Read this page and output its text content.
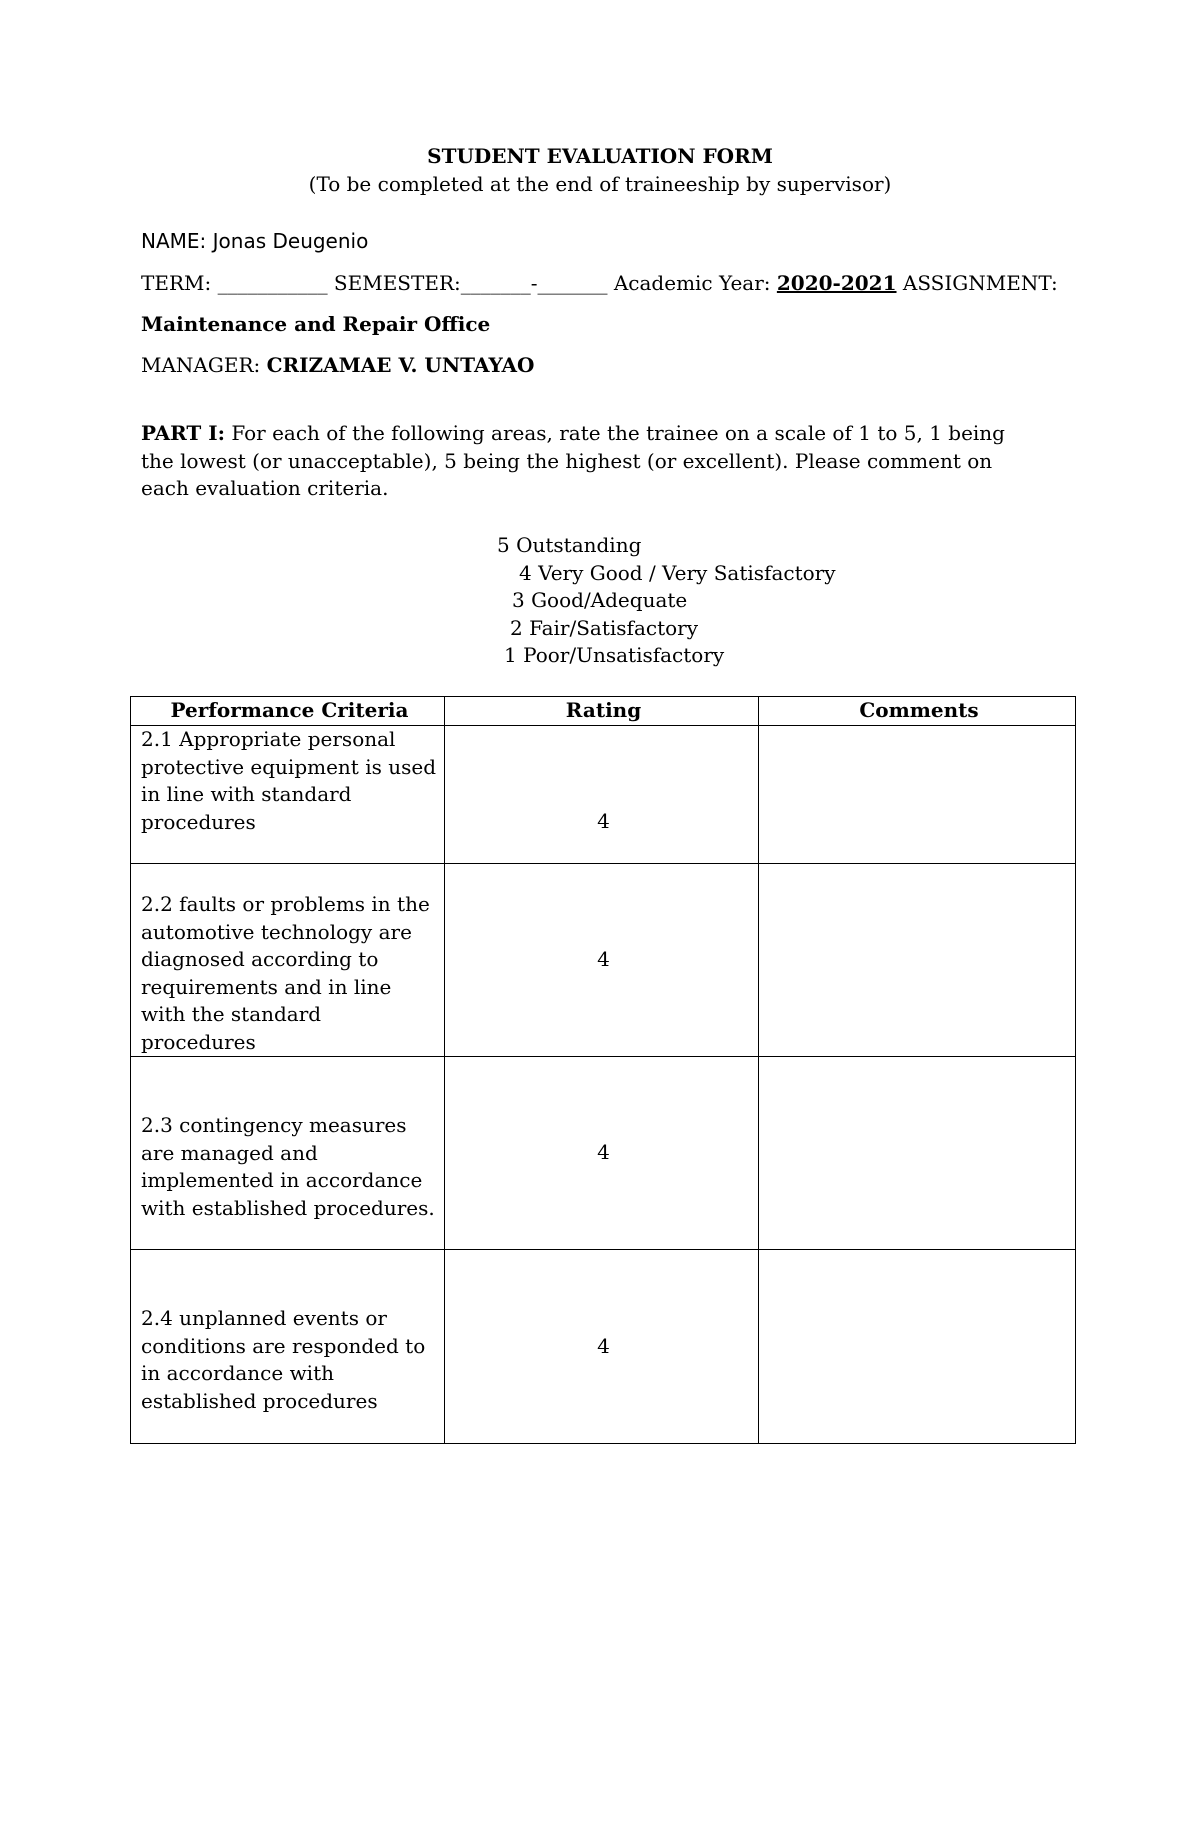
STUDENT EVALUATION FORM
(To be completed at the end of traineeship by supervisor)
NAME: Jonas Deugenio
TERM: ___________ SEMESTER:_______-_______ Academic Year: 2020-2021 ASSIGNMENT:
Maintenance and Repair Office
MANAGER: CRIZAMAE V. UNTAYAO
PART I: For each of the following areas, rate the trainee on a scale of 1 to 5, 1 being the lowest (or unacceptable), 5 being the highest (or excellent). Please comment on each evaluation criteria.
5 Outstanding
4 Very Good / Very Satisfactory
3 Good/Adequate
2 Fair/Satisfactory
1 Poor/Unsatisfactory
Performance Criteria	Rating	Comments

2.1 Appropriate personal protective equipment is used in line with standard procedures	4	

2.2 faults or problems in the automotive technology are diagnosed according to requirements and in line with the standard procedures	4	

2.3 contingency measures are managed and implemented in accordance with established procedures.	4	

2.4 unplanned events or conditions are responded to in accordance with established procedures	4	
